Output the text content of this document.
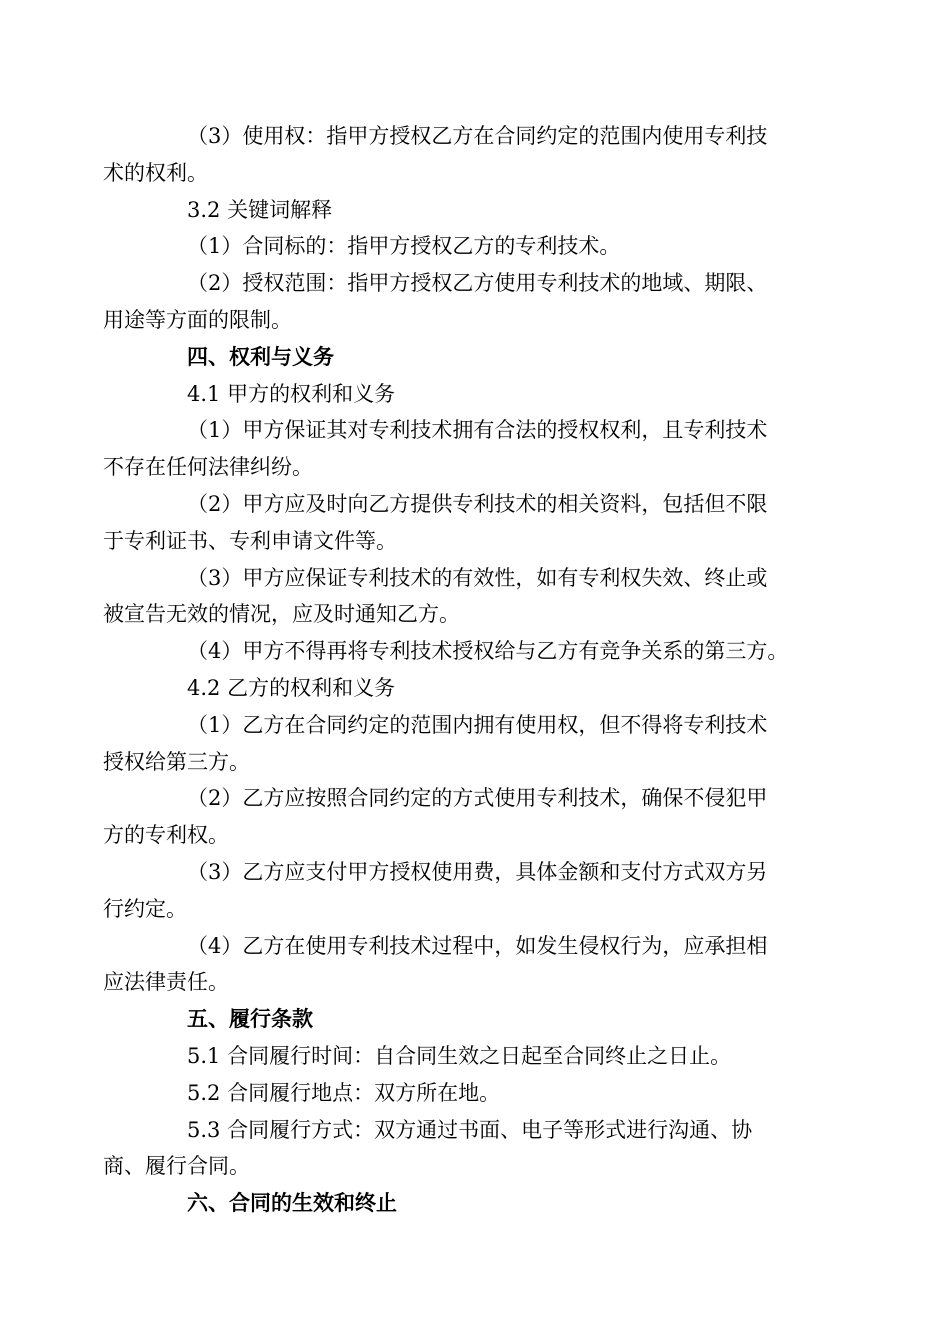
（3）使用权：指甲方授权乙方在合同约定的范围内使用专利技
术的权利。

3.2 关键词解释

（1）合同标的：指甲方授权乙方的专利技术。

（2）授权范围：指甲方授权乙方使用专利技术的地域、期限、
用途等方面的限制。

四、权利与义务

4.1 甲方的权利和义务

（1）甲方保证其对专利技术拥有合法的授权权利，且专利技术
不存在任何法律纠纷。

（2）甲方应及时向乙方提供专利技术的相关资料，包括但不限
于专利证书、专利申请文件等。

（3）甲方应保证专利技术的有效性，如有专利权失效、终止或
被宣告无效的情况，应及时通知乙方。

（4）甲方不得再将专利技术授权给与乙方有竞争关系的第三方。

4.2 乙方的权利和义务

（1）乙方在合同约定的范围内拥有使用权，但不得将专利技术
授权给第三方。

（2）乙方应按照合同约定的方式使用专利技术，确保不侵犯甲
方的专利权。

（3）乙方应支付甲方授权使用费，具体金额和支付方式双方另
行约定。

（4）乙方在使用专利技术过程中，如发生侵权行为，应承担相
应法律责任。

五、履行条款

5.1 合同履行时间：自合同生效之日起至合同终止之日止。

5.2 合同履行地点：双方所在地。

5.3 合同履行方式：双方通过书面、电子等形式进行沟通、协
商、履行合同。

六、合同的生效和终止
